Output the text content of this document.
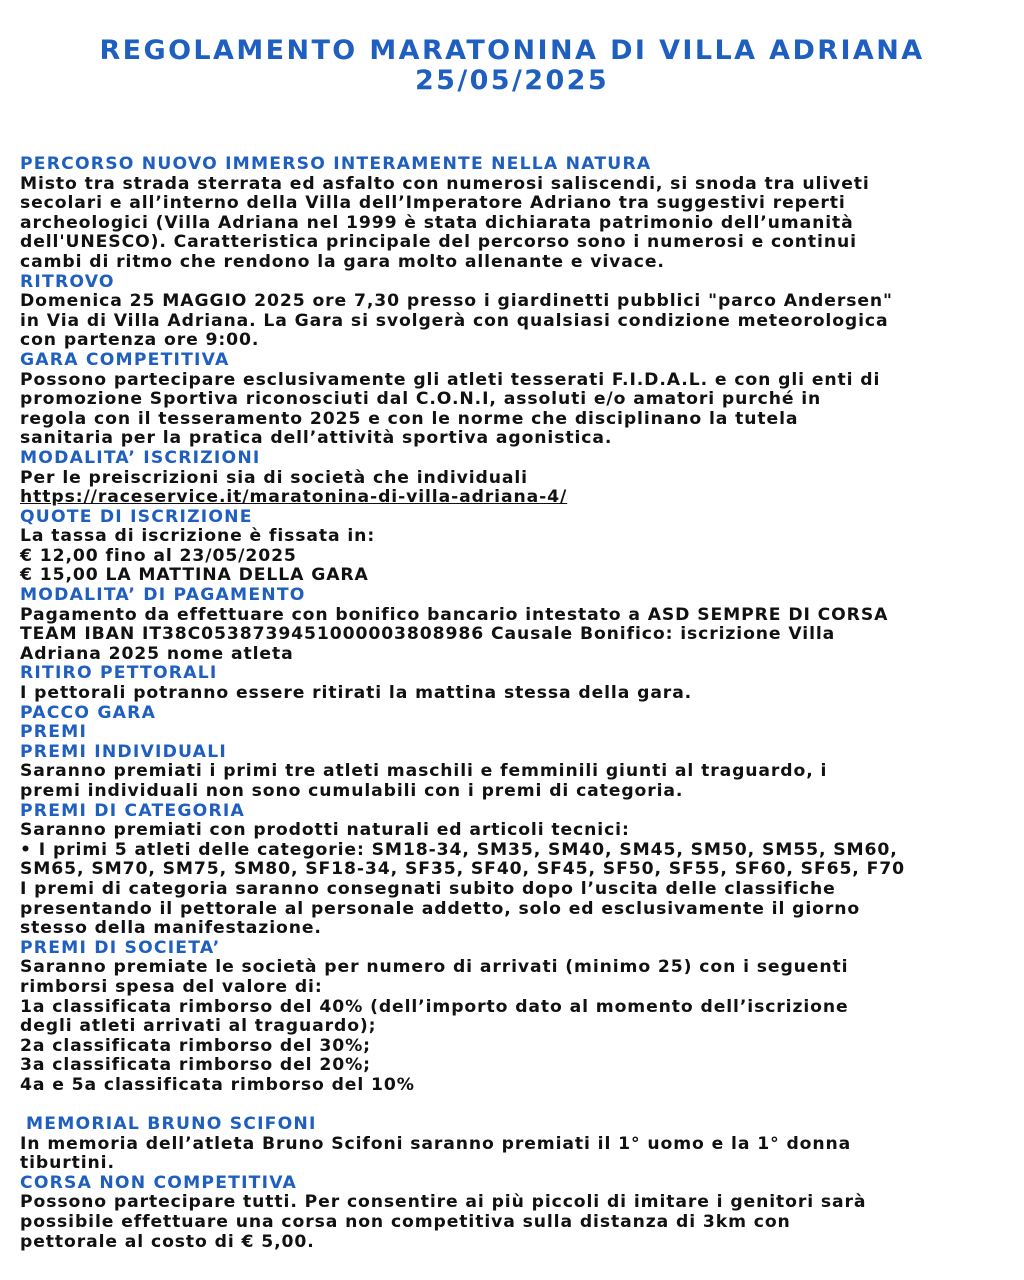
REGOLAMENTO MARATONINA DI VILLA ADRIANA
25/05/2025
PERCORSO NUOVO IMMERSO INTERAMENTE NELLA NATURA
Misto tra strada sterrata ed asfalto con numerosi saliscendi, si snoda tra uliveti
secolari e all’interno della Villa dell’Imperatore Adriano tra suggestivi reperti
archeologici (Villa Adriana nel 1999 è stata dichiarata patrimonio dell’umanità
dell'UNESCO). Caratteristica principale del percorso sono i numerosi e continui
cambi di ritmo che rendono la gara molto allenante e vivace.
RITROVO
Domenica 25 MAGGIO 2025 ore 7,30 presso i giardinetti pubblici "parco Andersen"
in Via di Villa Adriana. La Gara si svolgerà con qualsiasi condizione meteorologica
con partenza ore 9:00.
GARA COMPETITIVA
Possono partecipare esclusivamente gli atleti tesserati F.I.D.A.L. e con gli enti di
promozione Sportiva riconosciuti dal C.O.N.I, assoluti e/o amatori purché in
regola con il tesseramento 2025 e con le norme che disciplinano la tutela
sanitaria per la pratica dell’attività sportiva agonistica.
MODALITA’ ISCRIZIONI
Per le preiscrizioni sia di società che individuali
https://raceservice.it/maratonina-di-villa-adriana-4/
QUOTE DI ISCRIZIONE
La tassa di iscrizione è fissata in:
€ 12,00 fino al 23/05/2025
€ 15,00 LA MATTINA DELLA GARA
MODALITA’ DI PAGAMENTO
Pagamento da effettuare con bonifico bancario intestato a ASD SEMPRE DI CORSA
TEAM IBAN IT38C0538739451000003808986 Causale Bonifico: iscrizione Villa
Adriana 2025 nome atleta
RITIRO PETTORALI
I pettorali potranno essere ritirati la mattina stessa della gara.
PACCO GARA
PREMI
PREMI INDIVIDUALI
Saranno premiati i primi tre atleti maschili e femminili giunti al traguardo, i
premi individuali non sono cumulabili con i premi di categoria.
PREMI DI CATEGORIA
Saranno premiati con prodotti naturali ed articoli tecnici:
• I primi 5 atleti delle categorie: SM18-34, SM35, SM40, SM45, SM50, SM55, SM60,
SM65, SM70, SM75, SM80, SF18-34, SF35, SF40, SF45, SF50, SF55, SF60, SF65, F70
I premi di categoria saranno consegnati subito dopo l’uscita delle classifiche
presentando il pettorale al personale addetto, solo ed esclusivamente il giorno
stesso della manifestazione.
PREMI DI SOCIETA’
Saranno premiate le società per numero di arrivati (minimo 25) con i seguenti
rimborsi spesa del valore di:
1a classificata rimborso del 40% (dell’importo dato al momento dell’iscrizione
degli atleti arrivati al traguardo);
2a classificata rimborso del 30%;
3a classificata rimborso del 20%;
4a e 5a classificata rimborso del 10%
MEMORIAL BRUNO SCIFONI
In memoria dell’atleta Bruno Scifoni saranno premiati il 1° uomo e la 1° donna
tiburtini.
CORSA NON COMPETITIVA
Possono partecipare tutti. Per consentire ai più piccoli di imitare i genitori sarà
possibile effettuare una corsa non competitiva sulla distanza di 3km con
pettorale al costo di € 5,00.
